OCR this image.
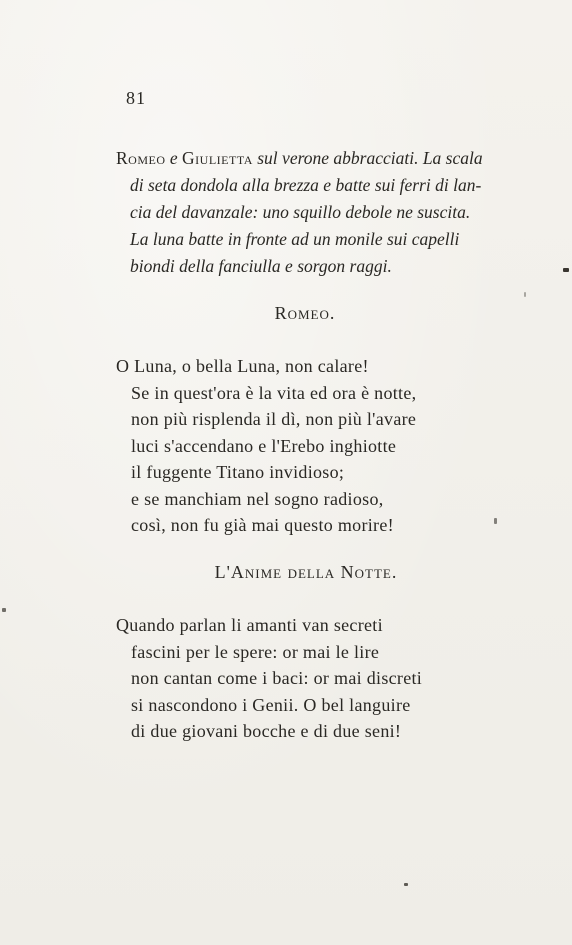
81
Romeo e Giulietta sul verone abbracciati. La scala
di seta dondola alla brezza e batte sui ferri di lan-
cia del davanzale: uno squillo debole ne suscita.
La luna batte in fronte ad un monile sui capelli
biondi della fanciulla e sorgon raggi.
Romeo.
O Luna, o bella Luna, non calare!
Se in quest'ora è la vita ed ora è notte,
non più risplenda il dì, non più l'avare
luci s'accendano e l'Erebo inghiotte
il fuggente Titano invidioso;
e se manchiam nel sogno radioso,
così, non fu già mai questo morire!
L'Anime della Notte.
Quando parlan li amanti van secreti
fascini per le spere: or mai le lire
non cantan come i baci: or mai discreti
si nascondono i Genii. O bel languire
di due giovani bocche e di due seni!
